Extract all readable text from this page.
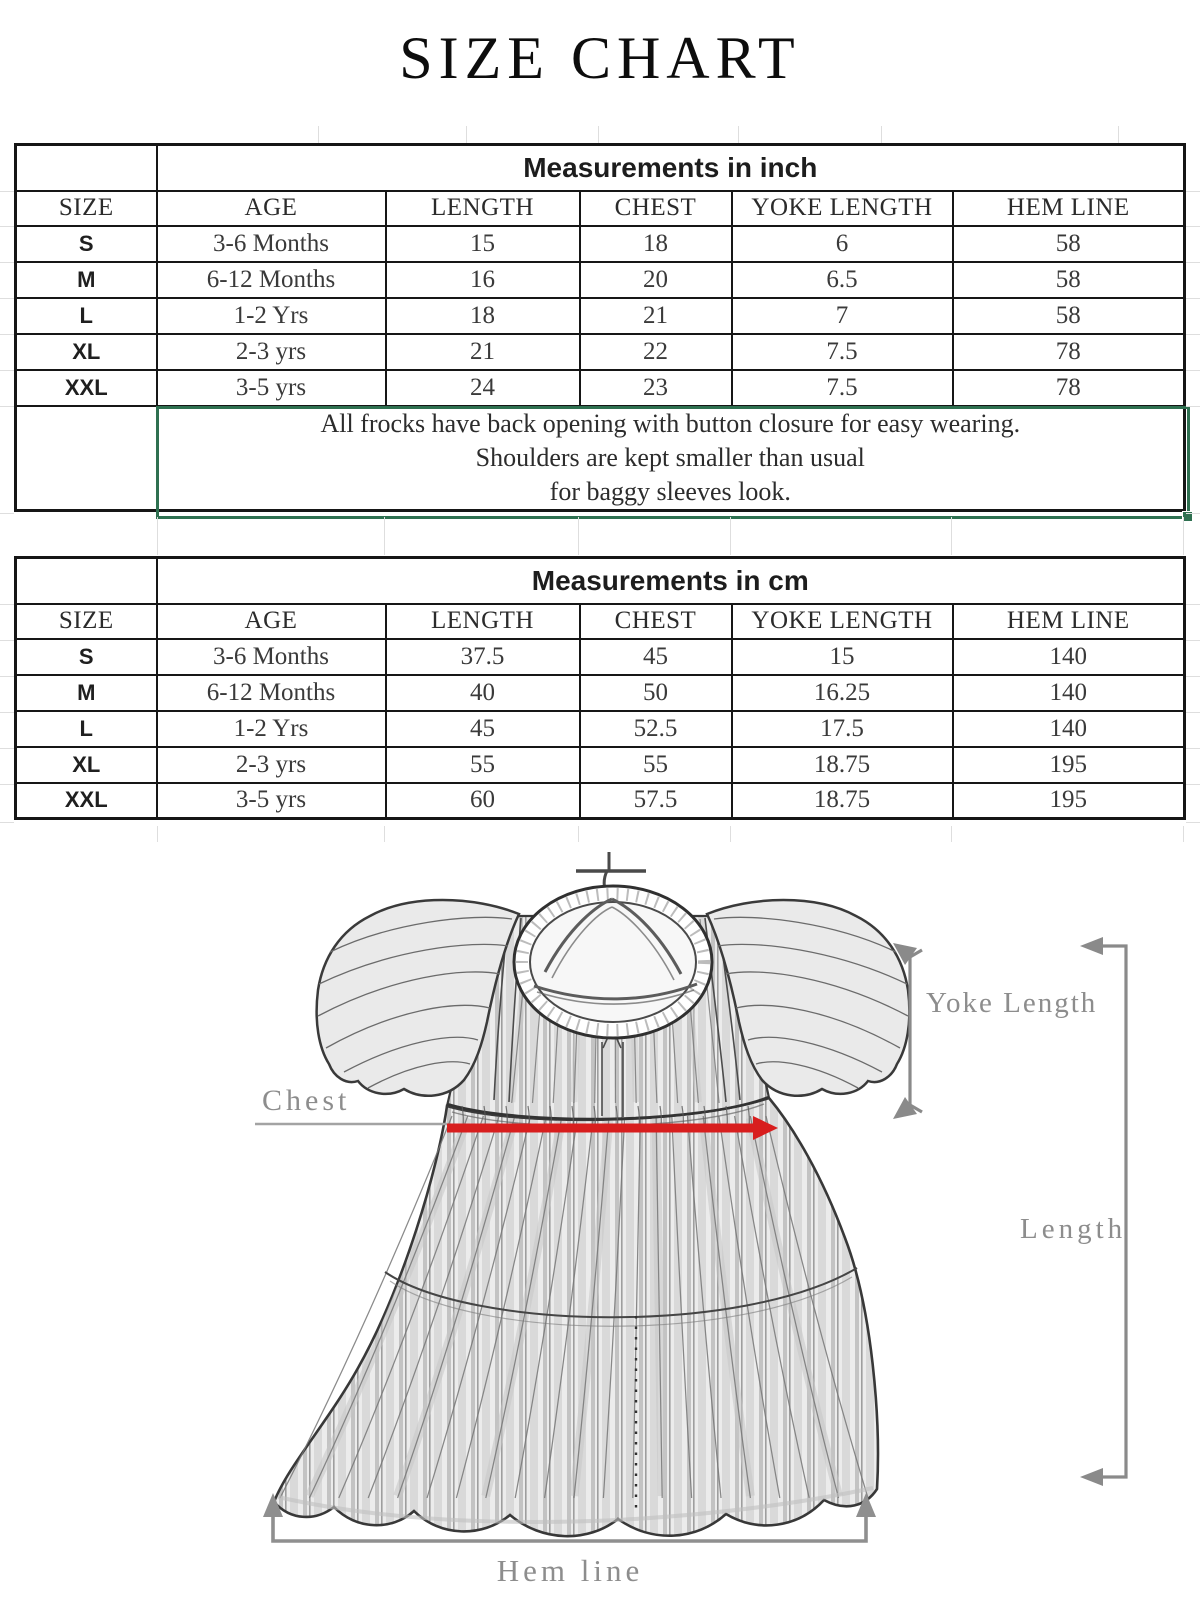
SIZE CHART
	Measurements in inch				
SIZE	AGE	LENGTH	CHEST	YOKE LENGTH	HEM LINE
S	3-6 Months	15	18	6	58
M	6-12 Months	16	20	6.5	58
L	1-2 Yrs	18	21	7	58
XL	2-3 yrs	21	22	7.5	78
XXL	3-5 yrs	24	23	7.5	78

	All frocks have back opening with button closure for easy wearing.
Shoulders are kept smaller than usual
for baggy sleeves look.				
	Measurements in cm				
SIZE	AGE	LENGTH	CHEST	YOKE LENGTH	HEM LINE
S	3-6 Months	37.5	45	15	140
M	6-12 Months	40	50	16.25	140
L	1-2 Yrs	45	52.5	17.5	140
XL	2-3 yrs	55	55	18.75	195
XXL	3-5 yrs	60	57.5	18.75	195
Chest
Yoke Length
Length
Hem line
